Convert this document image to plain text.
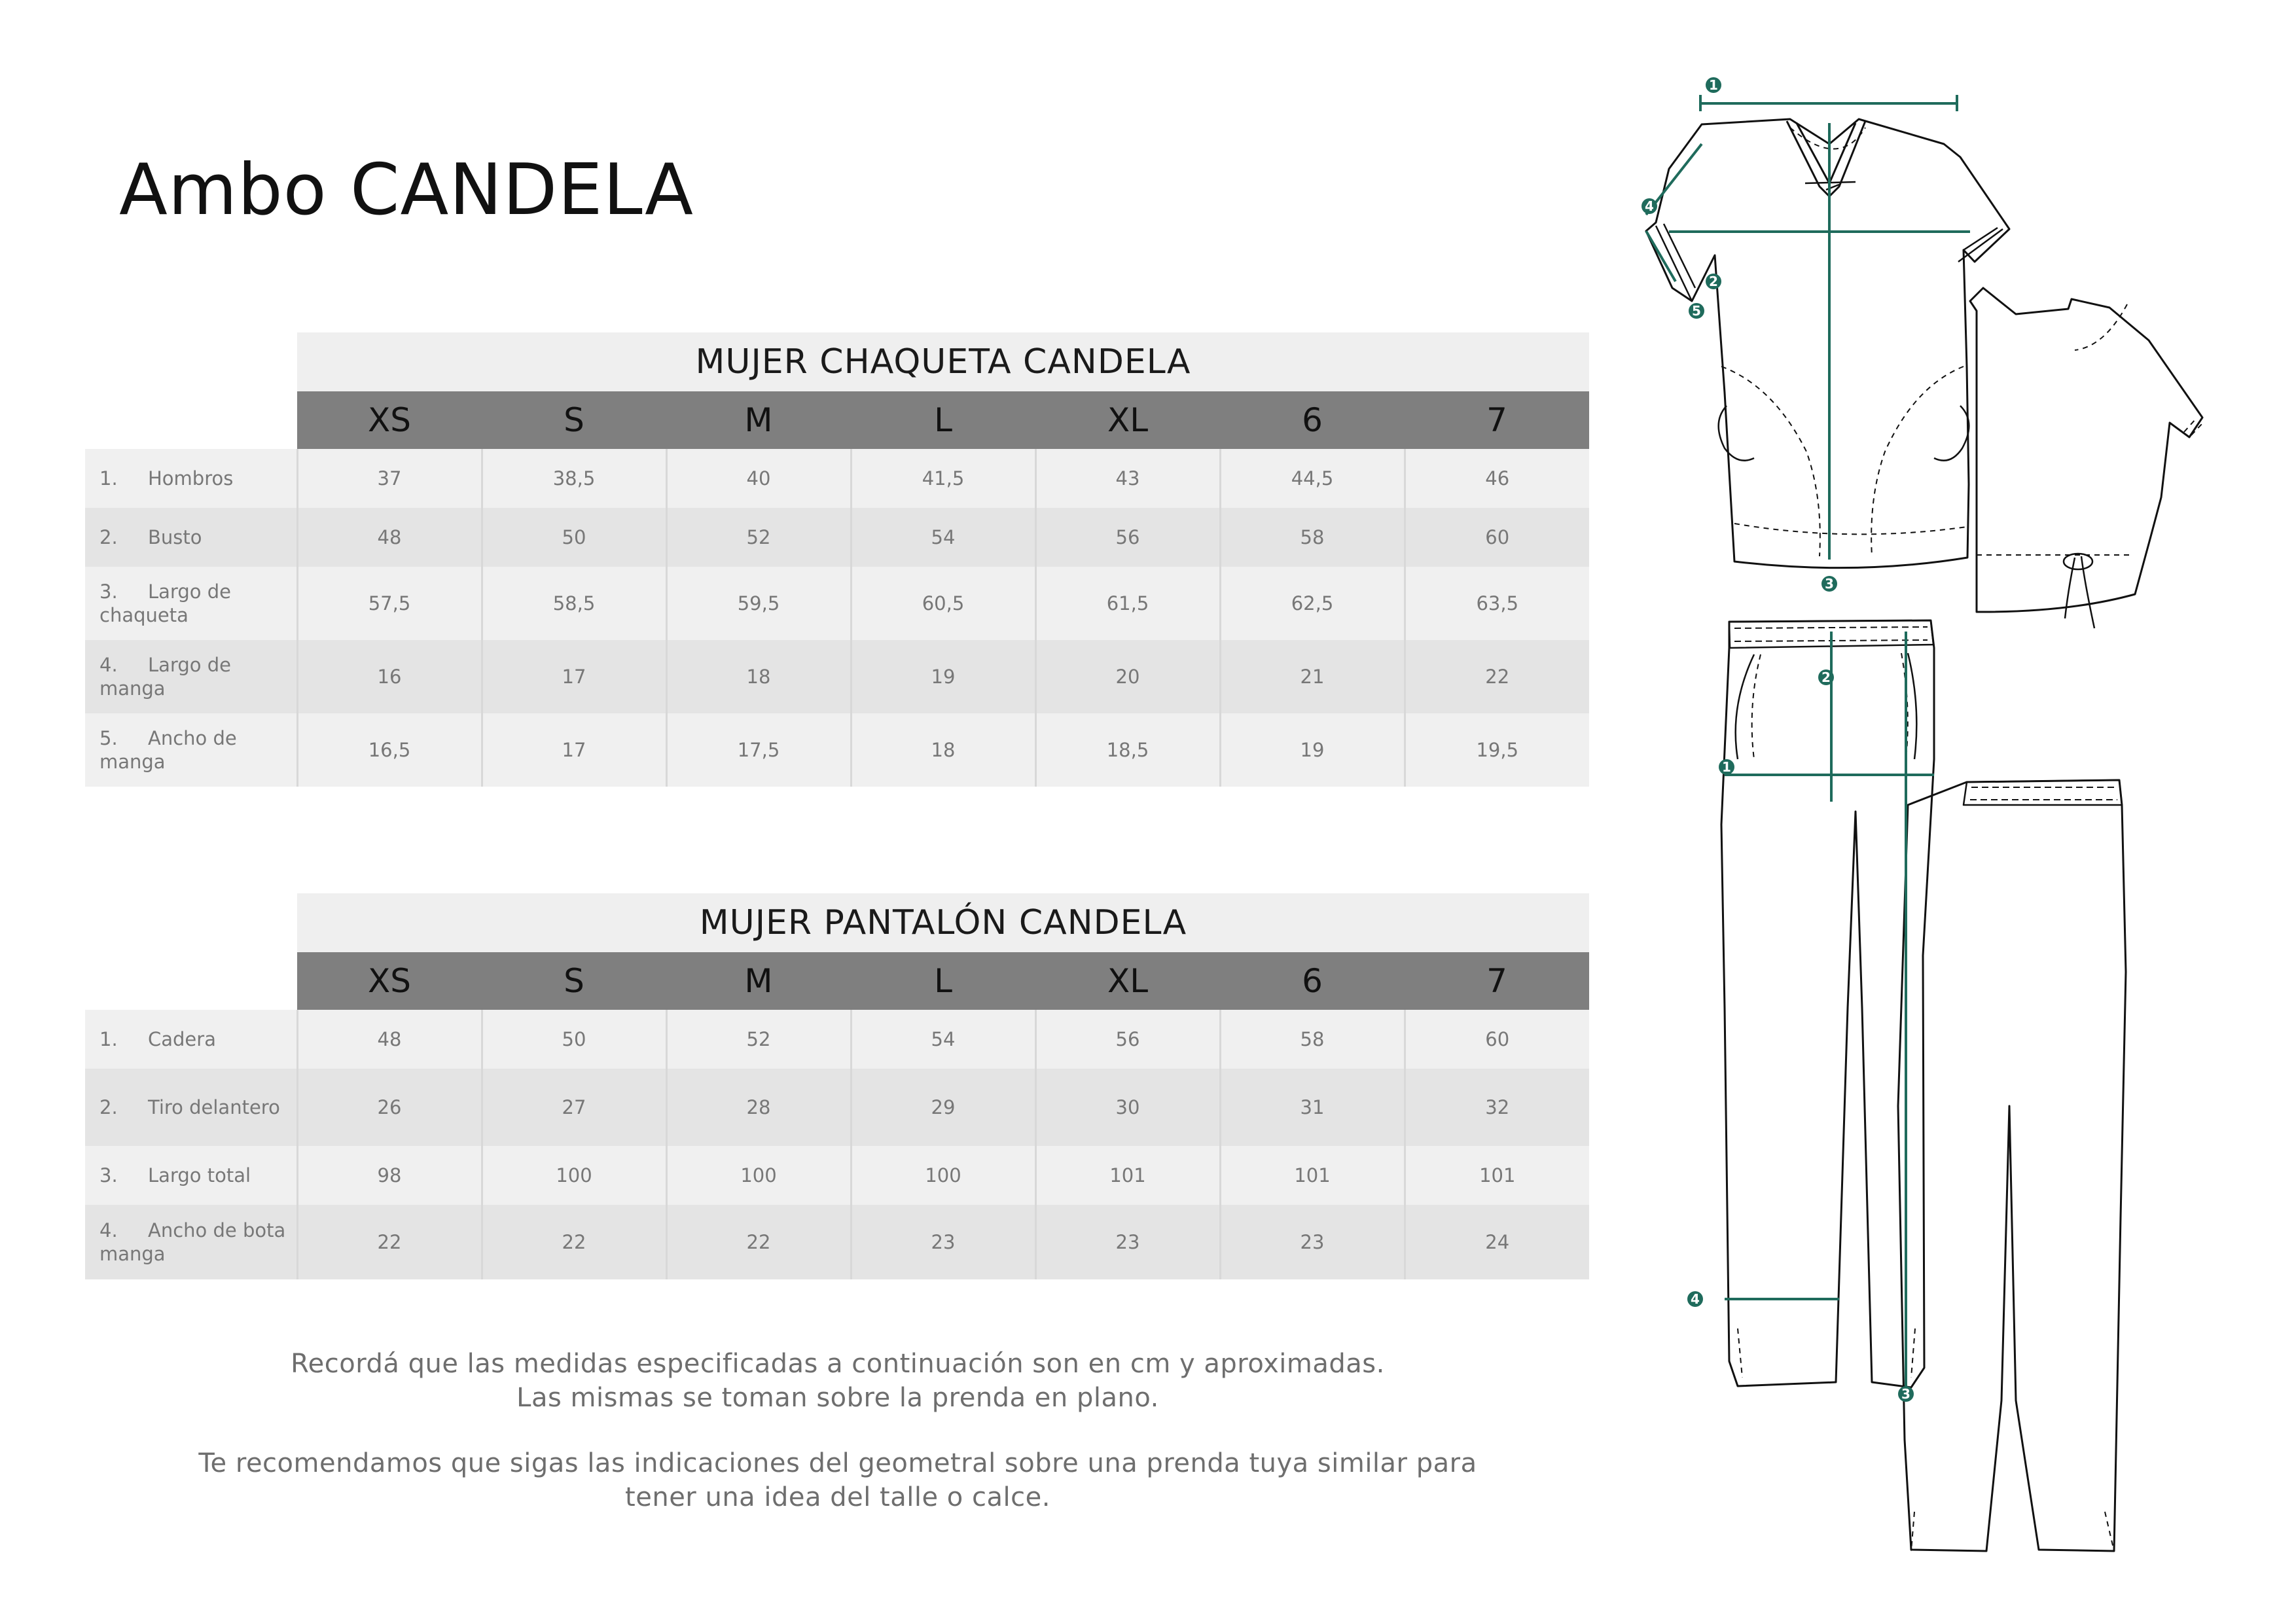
Ambo CANDELA
	MUJER CHAQUETA CANDELA						
	XS	S	M	L	XL	6	7
1. Hombros	37	38,5	40	41,5	43	44,5	46
2. Busto	48	50	52	54	56	58	60
3. Largo de chaqueta	57,5	58,5	59,5	60,5	61,5	62,5	63,5
4. Largo de manga	16	17	18	19	20	21	22
5. Ancho de manga	16,5	17	17,5	18	18,5	19	19,5
	MUJER PANTALÓN CANDELA						
	XS	S	M	L	XL	6	7
1. Cadera	48	50	52	54	56	58	60
2. Tiro delantero	26	27	28	29	30	31	32
3. Largo total	98	100	100	100	101	101	101
4. Ancho de bota manga	22	22	22	23	23	23	24
Recordá que las medidas especificadas a continuación son en cm y aproximadas.
Las mismas se toman sobre la prenda en plano.
Te recomendamos que sigas las indicaciones del geometral sobre una prenda tuya similar para
tener una idea del talle o calce.
1
2
3
4
5
1
2
3
4
